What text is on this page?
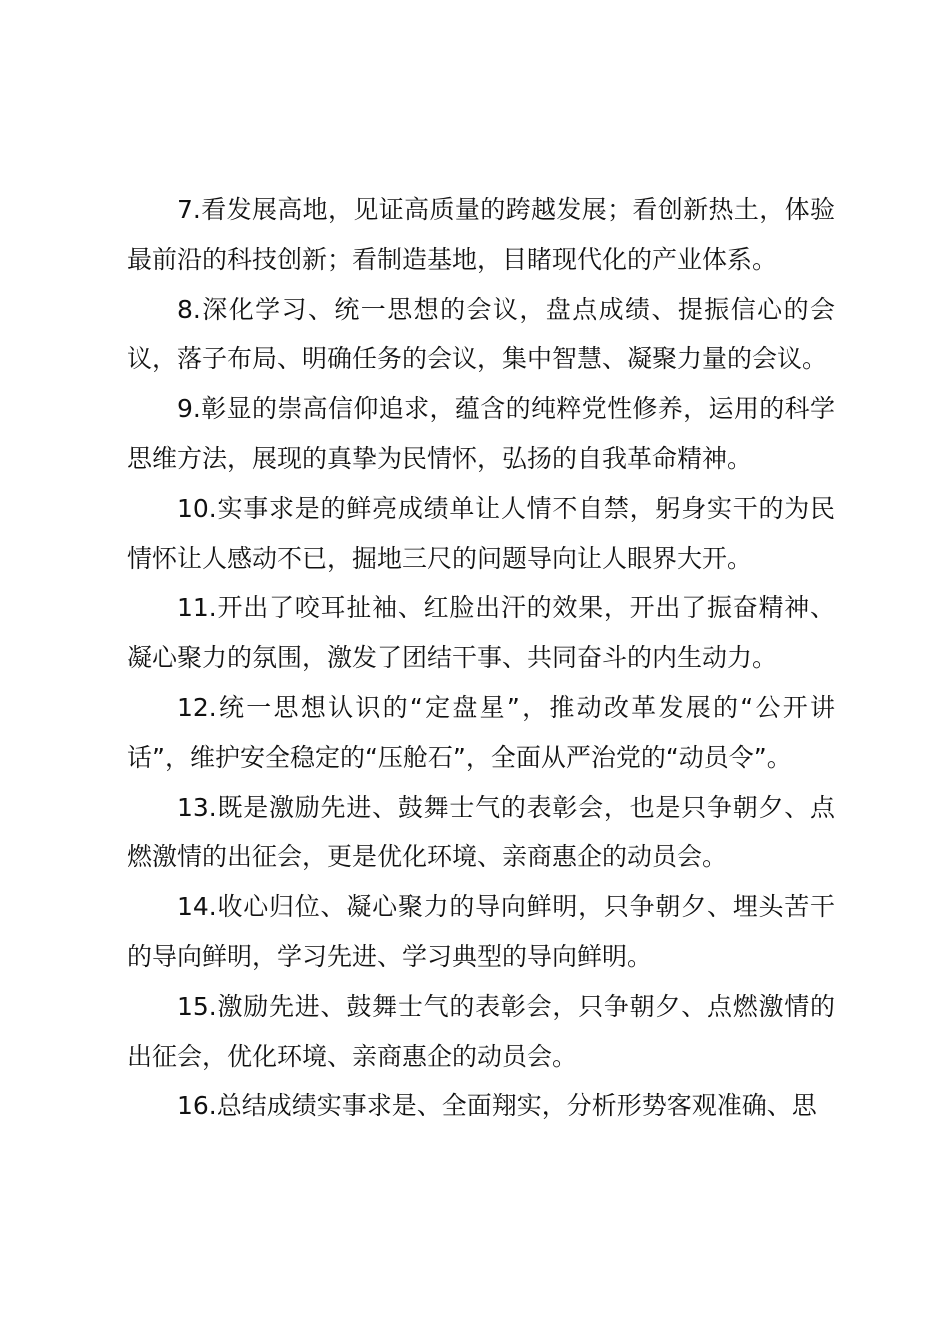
7.看发展高地，见证高质量的跨越发展；看创新热土，体验最前沿的科技创新；看制造基地，目睹现代化的产业体系。

8.深化学习、统一思想的会议，盘点成绩、提振信心的会议，落子布局、明确任务的会议，集中智慧、凝聚力量的会议。

9.彰显的崇高信仰追求，蕴含的纯粹党性修养，运用的科学思维方法，展现的真挚为民情怀，弘扬的自我革命精神。

10.实事求是的鲜亮成绩单让人情不自禁，躬身实干的为民情怀让人感动不已，掘地三尺的问题导向让人眼界大开。

11.开出了咬耳扯袖、红脸出汗的效果，开出了振奋精神、凝心聚力的氛围，激发了团结干事、共同奋斗的内生动力。

12.统一思想认识的“定盘星”，推动改革发展的“公开讲话”，维护安全稳定的“压舱石”，全面从严治党的“动员令”。

13.既是激励先进、鼓舞士气的表彰会，也是只争朝夕、点燃激情的出征会，更是优化环境、亲商惠企的动员会。

14.收心归位、凝心聚力的导向鲜明，只争朝夕、埋头苦干的导向鲜明，学习先进、学习典型的导向鲜明。

15.激励先进、鼓舞士气的表彰会，只争朝夕、点燃激情的出征会，优化环境、亲商惠企的动员会。

16.总结成绩实事求是、全面翔实，分析形势客观准确、思
